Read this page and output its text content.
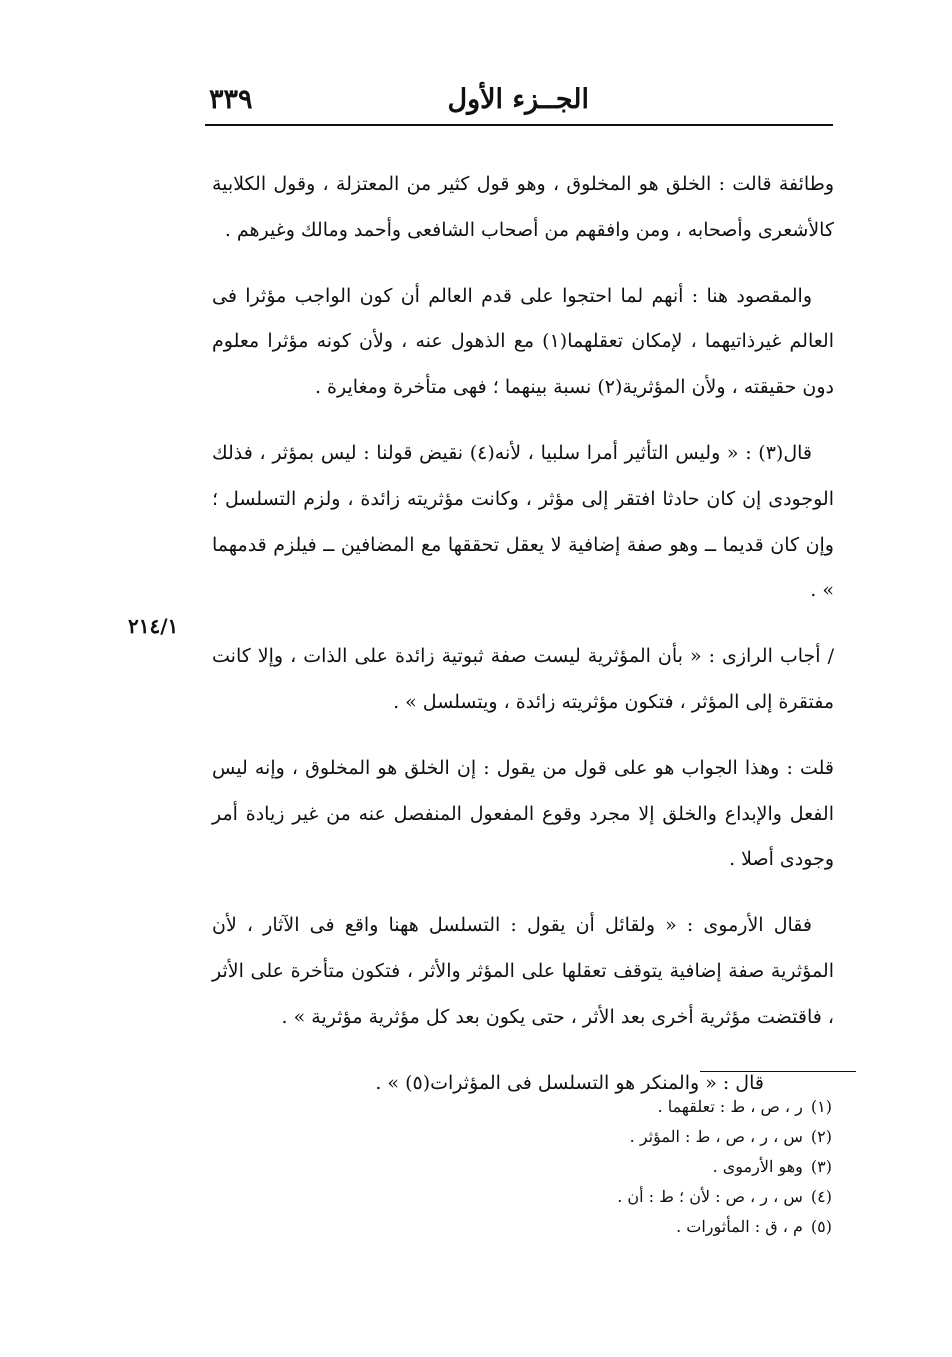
٣٣٩	الجــزء الأول
٢١٤/١

وطائفة قالت : الخلق هو المخلوق ، وهو قول كثير من المعتزلة ، وقول الكلابية كالأشعرى وأصحابه ، ومن وافقهم من أصحاب الشافعى وأحمد ومالك وغيرهم .

والمقصود هنا : أنهم لما احتجوا على قدم العالم أن كون الواجب مؤثرا فى العالم غيرذاتيهما ، لإمكان تعقلهما(١) مع الذهول عنه ، ولأن كونه مؤثرا معلوم دون حقيقته ، ولأن المؤثرية(٢) نسبة بينهما ؛ فهى متأخرة ومغايرة .

قال(٣) : « وليس التأثير أمرا سلبيا ، لأنه(٤) نقيض قولنا : ليس بمؤثر ، فذلك الوجودى إن كان حادثا افتقر إلى مؤثر ، وكانت مؤثريته زائدة ، ولزم التسلسل ؛ وإن كان قديما ــ وهو صفة إضافية لا يعقل تحققها مع المضافين ــ فيلزم قدمهما » .

/ أجاب الرازى : « بأن المؤثرية ليست صفة ثبوتية زائدة على الذات ، وإلا كانت مفتقرة إلى المؤثر ، فتكون مؤثريته زائدة ، ويتسلسل » .

قلت : وهذا الجواب هو على قول من يقول : إن الخلق هو المخلوق ، وإنه ليس الفعل والإبداع والخلق إلا مجرد وقوع المفعول المنفصل عنه من غير زيادة أمر وجودى أصلا .

فقال الأرموى : « ولقائل أن يقول : التسلسل ههنا واقع فى الآثار ، لأن المؤثرية صفة إضافية يتوقف تعقلها على المؤثر والأثر ، فتكون متأخرة على الأثر ، فاقتضت مؤثرية أخرى بعد الأثر ، حتى يكون بعد كل مؤثرية مؤثرية » .

قال : « والمنكر هو التسلسل فى المؤثرات(٥) » .

(١)
ر ، ص ، ط : تعلقهما .
(٢)
س ، ر ، ص ، ط : المؤثر .
(٣)
وهو الأرموى .
(٤)
س ، ر ، ص : لأن ؛ ط : أن .
(٥)
م ، ق : المأثورات .
